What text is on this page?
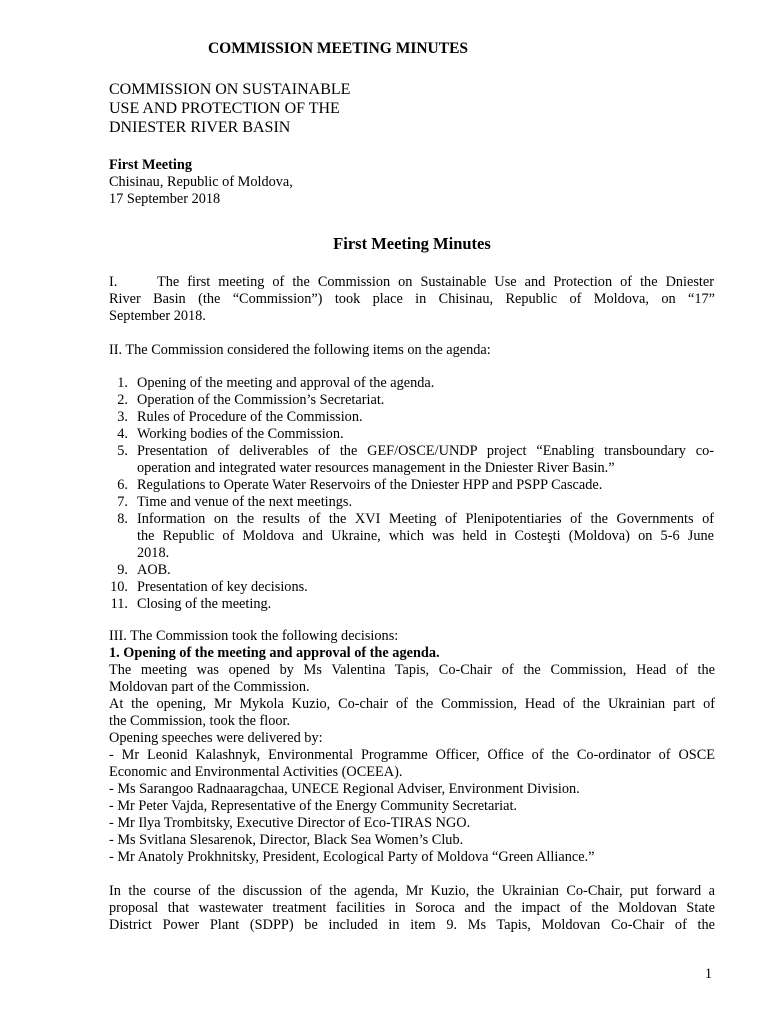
COMMISSION MEETING MINUTES

COMMISSION ON SUSTAINABLE

USE AND PROTECTION OF THE

DNIESTER RIVER BASIN

First Meeting

Chisinau, Republic of Moldova,

17 September 2018

First Meeting Minutes

I.	The first meeting of the Commission on Sustainable Use and Protection of the Dniester

River Basin (the “Commission”) took place in Chisinau, Republic of Moldova, on “17”

September 2018.

II. The Commission considered the following items on the agenda:

1. Opening of the meeting and approval of the agenda.

2. Operation of the Commission’s Secretariat.

3. Rules of Procedure of the Commission.

4. Working bodies of the Commission.

5. Presentation of deliverables of the GEF/OSCE/UNDP project “Enabling transboundary co-

operation and integrated water resources management in the Dniester River Basin.”

6. Regulations to Operate Water Reservoirs of the Dniester HPP and PSPP Cascade.

7. Time and venue of the next meetings.

8. Information on the results of the XVI Meeting of Plenipotentiaries of the Governments of

the Republic of Moldova and Ukraine, which was held in Costeşti (Moldova) on 5-6 June

2018.

9. AOB.

10. Presentation of key decisions.

11. Closing of the meeting.

III. The Commission took the following decisions:

1. Opening of the meeting and approval of the agenda.

The meeting was opened by Ms Valentina Tapis, Co-Chair of the Commission, Head of the

Moldovan part of the Commission.

At the opening, Mr Mykola Kuzio, Co-chair of the Commission, Head of the Ukrainian part of

the Commission, took the floor.

Opening speeches were delivered by:

- Mr Leonid Kalashnyk, Environmental Programme Officer, Office of the Co-ordinator of OSCE

Economic and Environmental Activities (OCEEA).

- Ms Sarangoo Radnaaragchaa, UNECE Regional Adviser, Environment Division.

- Mr Peter Vajda, Representative of the Energy Community Secretariat.

- Mr Ilya Trombitsky, Executive Director of Eco-TIRAS NGO.

- Ms Svitlana Slesarenok, Director, Black Sea Women’s Club.

- Mr Anatoly Prokhnitsky, President, Ecological Party of Moldova “Green Alliance.”

In the course of the discussion of the agenda, Mr Kuzio, the Ukrainian Co-Chair, put forward a

proposal that wastewater treatment facilities in Soroca and the impact of the Moldovan State

District Power Plant (SDPP) be included in item 9. Ms Tapis, Moldovan Co-Chair of the

1
